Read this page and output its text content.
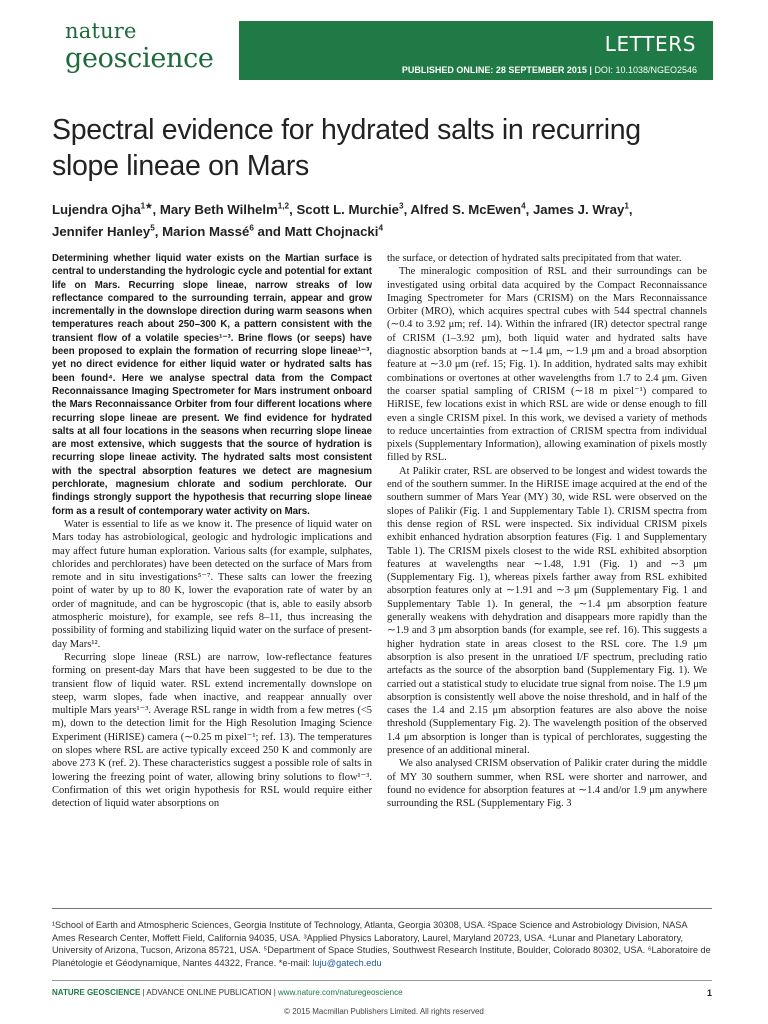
nature
geoscience	LETTERS
PUBLISHED ONLINE: 28 SEPTEMBER 2015 | DOI: 10.1038/NGEO2546
Spectral evidence for hydrated salts in recurring slope lineae on Mars
Lujendra Ojha$^{1★}$, Mary Beth Wilhelm$^{1,2}$, Scott L. Murchie$^3$, Alfred S. McEwen$^4$, James J. Wray$^1$, Jennifer Hanley$^5$, Marion Massé$^6$ and Matt Chojnacki$^4$

Determining whether liquid water exists on the Martian surface is central to understanding the hydrologic cycle and potential for extant life on Mars. Recurring slope lineae, narrow streaks of low reflectance compared to the surrounding terrain, appear and grow incrementally in the downslope direction during warm seasons when temperatures reach about 250–300 K, a pattern consistent with the transient flow of a volatile species¹⁻³. Brine flows (or seeps) have been proposed to explain the formation of recurring slope lineae¹⁻³, yet no direct evidence for either liquid water or hydrated salts has been found⁴. Here we analyse spectral data from the Compact Reconnaissance Imaging Spectrometer for Mars instrument onboard the Mars Reconnaissance Orbiter from four different locations where recurring slope lineae are present. We find evidence for hydrated salts at all four locations in the seasons when recurring slope lineae are most extensive, which suggests that the source of hydration is recurring slope lineae activity. The hydrated salts most consistent with the spectral absorption features we detect are magnesium perchlorate, magnesium chlorate and sodium perchlorate. Our findings strongly support the hypothesis that recurring slope lineae form as a result of contemporary water activity on Mars.

Water is essential to life as we know it. The presence of liquid water on Mars today has astrobiological, geologic and hydrologic implications and may affect future human exploration. Various salts (for example, sulphates, chlorides and perchlorates) have been detected on the surface of Mars from remote and in situ investigations⁵⁻⁷. These salts can lower the freezing point of water by up to 80 K, lower the evaporation rate of water by an order of magnitude, and can be hygroscopic (that is, able to easily absorb atmospheric moisture), for example, see refs 8–11, thus increasing the possibility of forming and stabilizing liquid water on the surface of present-day Mars¹².

Recurring slope lineae (RSL) are narrow, low-reflectance features forming on present-day Mars that have been suggested to be due to the transient flow of liquid water. RSL extend incrementally downslope on steep, warm slopes, fade when inactive, and reappear annually over multiple Mars years¹⁻³. Average RSL range in width from a few metres (<5 m), down to the detection limit for the High Resolution Imaging Science Experiment (HiRISE) camera (∼0.25 m pixel⁻¹; ref. 13). The temperatures on slopes where RSL are active typically exceed 250 K and commonly are above 273 K (ref. 2). These characteristics suggest a possible role of salts in lowering the freezing point of water, allowing briny solutions to flow¹⁻³. Confirmation of this wet origin hypothesis for RSL would require either detection of liquid water absorptions on

the surface, or detection of hydrated salts precipitated from that water.

The mineralogic composition of RSL and their surroundings can be investigated using orbital data acquired by the Compact Reconnaissance Imaging Spectrometer for Mars (CRISM) on the Mars Reconnaissance Orbiter (MRO), which acquires spectral cubes with 544 spectral channels (∼0.4 to 3.92 μm; ref. 14). Within the infrared (IR) detector spectral range of CRISM (1–3.92 μm), both liquid water and hydrated salts have diagnostic absorption bands at ∼1.4 μm, ∼1.9 μm and a broad absorption feature at ∼3.0 μm (ref. 15; Fig. 1). In addition, hydrated salts may exhibit combinations or overtones at other wavelengths from 1.7 to 2.4 μm. Given the coarser spatial sampling of CRISM (∼18 m pixel⁻¹) compared to HiRISE, few locations exist in which RSL are wide or dense enough to fill even a single CRISM pixel. In this work, we devised a variety of methods to reduce uncertainties from extraction of CRISM spectra from individual pixels (Supplementary Information), allowing examination of pixels mostly filled by RSL.

At Palikir crater, RSL are observed to be longest and widest towards the end of the southern summer. In the HiRISE image acquired at the end of the southern summer of Mars Year (MY) 30, wide RSL were observed on the slopes of Palikir (Fig. 1 and Supplementary Table 1). CRISM spectra from this dense region of RSL were inspected. Six individual CRISM pixels exhibit enhanced hydration absorption features (Fig. 1 and Supplementary Table 1). The CRISM pixels closest to the wide RSL exhibited absorption features at wavelengths near ∼1.48, 1.91 (Fig. 1) and ∼3 μm (Supplementary Fig. 1), whereas pixels farther away from RSL exhibited absorption features only at ∼1.91 and ∼3 μm (Supplementary Fig. 1 and Supplementary Table 1). In general, the ∼1.4 μm absorption feature generally weakens with dehydration and disappears more rapidly than the ∼1.9 and 3 μm absorption bands (for example, see ref. 16). This suggests a higher hydration state in areas closest to the RSL core. The 1.9 μm absorption is also present in the unratioed I/F spectrum, precluding ratio artefacts as the source of the absorption band (Supplementary Fig. 1). We carried out a statistical study to elucidate true signal from noise. The 1.9 μm absorption is consistently well above the noise threshold, and in half of the cases the 1.4 and 2.15 μm absorption features are also above the noise threshold (Supplementary Fig. 2). The wavelength position of the observed 1.4 μm absorption is longer than is typical of perchlorates, suggesting the presence of an additional mineral.

We also analysed CRISM observation of Palikir crater during the middle of MY 30 southern summer, when RSL were shorter and narrower, and found no evidence for absorption features at ∼1.4 and/or 1.9 μm anywhere surrounding the RSL (Supplementary Fig. 3

¹School of Earth and Atmospheric Sciences, Georgia Institute of Technology, Atlanta, Georgia 30308, USA. ²Space Science and Astrobiology Division, NASA Ames Research Center, Moffett Field, California 94035, USA. ³Applied Physics Laboratory, Laurel, Maryland 20723, USA. ⁴Lunar and Planetary Laboratory, University of Arizona, Tucson, Arizona 85721, USA. ⁵Department of Space Studies, Southwest Research Institute, Boulder, Colorado 80302, USA. ⁶Laboratoire de Planétologie et Géodynamique, Nantes 44322, France. *e-mail: luju@gatech.edu
NATURE GEOSCIENCE | ADVANCE ONLINE PUBLICATION | www.nature.com/naturegeoscience	1
© 2015 Macmillan Publishers Limited. All rights reserved
